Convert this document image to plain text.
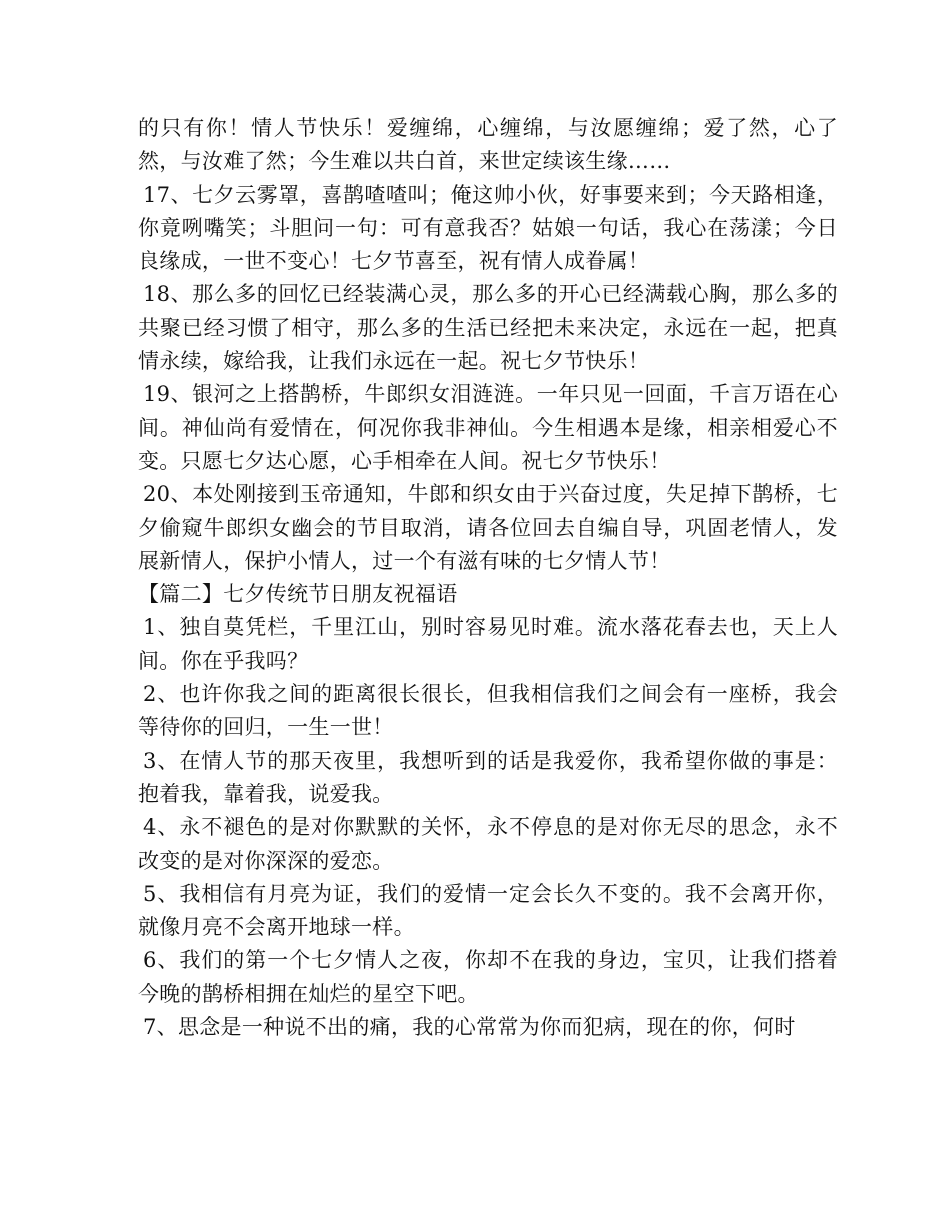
的只有你！情人节快乐！爱缠绵，心缠绵，与汝愿缠绵；爱了然，心了然，与汝难了然；今生难以共白首，来世定续该生缘……

17、七夕云雾罩，喜鹊喳喳叫；俺这帅小伙，好事要来到；今天路相逢，你竟咧嘴笑；斗胆问一句：可有意我否？姑娘一句话，我心在荡漾；今日良缘成，一世不变心！七夕节喜至，祝有情人成眷属！

18、那么多的回忆已经装满心灵，那么多的开心已经满载心胸，那么多的共聚已经习惯了相守，那么多的生活已经把未来决定，永远在一起，把真情永续，嫁给我，让我们永远在一起。祝七夕节快乐！

19、银河之上搭鹊桥，牛郎织女泪涟涟。一年只见一回面，千言万语在心间。神仙尚有爱情在，何况你我非神仙。今生相遇本是缘，相亲相爱心不变。只愿七夕达心愿，心手相牵在人间。祝七夕节快乐！

20、本处刚接到玉帝通知，牛郎和织女由于兴奋过度，失足掉下鹊桥，七夕偷窥牛郎织女幽会的节目取消，请各位回去自编自导，巩固老情人，发展新情人，保护小情人，过一个有滋有味的七夕情人节！

【篇二】七夕传统节日朋友祝福语

1、独自莫凭栏，千里江山，别时容易见时难。流水落花春去也，天上人间。你在乎我吗？

2、也许你我之间的距离很长很长，但我相信我们之间会有一座桥，我会等待你的回归，一生一世！

3、在情人节的那天夜里，我想听到的话是我爱你，我希望你做的事是：抱着我，靠着我，说爱我。

4、永不褪色的是对你默默的关怀，永不停息的是对你无尽的思念，永不改变的是对你深深的爱恋。

5、我相信有月亮为证，我们的爱情一定会长久不变的。我不会离开你，就像月亮不会离开地球一样。

6、我们的第一个七夕情人之夜，你却不在我的身边，宝贝，让我们搭着今晚的鹊桥相拥在灿烂的星空下吧。

7、思念是一种说不出的痛，我的心常常为你而犯病，现在的你，何时
